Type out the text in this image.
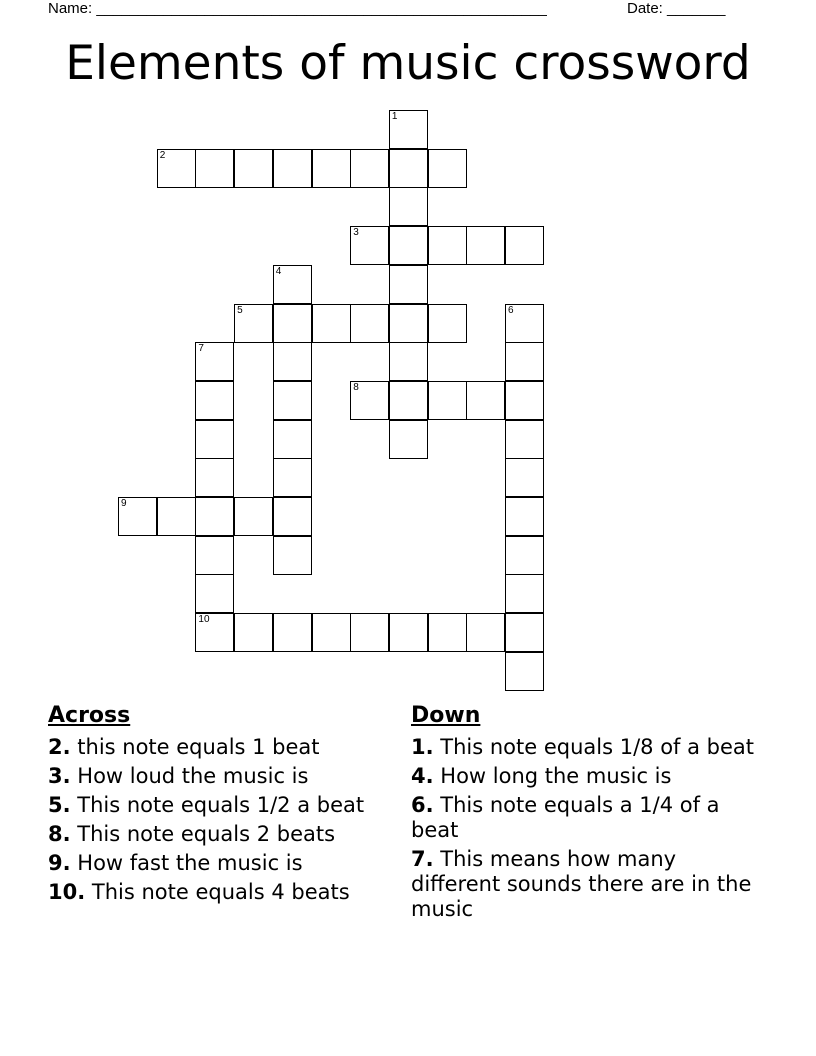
Name: ______________________________________________________	Date: _______
Elements of music crossword
1
2
3
4
5	6
7
10
8
9
Across
2. this note equals 1 beat
3. How loud the music is
5. This note equals 1/2 a beat
8. This note equals 2 beats
9. How fast the music is
10. This note equals 4 beats
Down
1. This note equals 1/8 of a beat
4. How long the music is
6. This note equals a 1/4 of a beat
7. This means how many different sounds there are in the music
